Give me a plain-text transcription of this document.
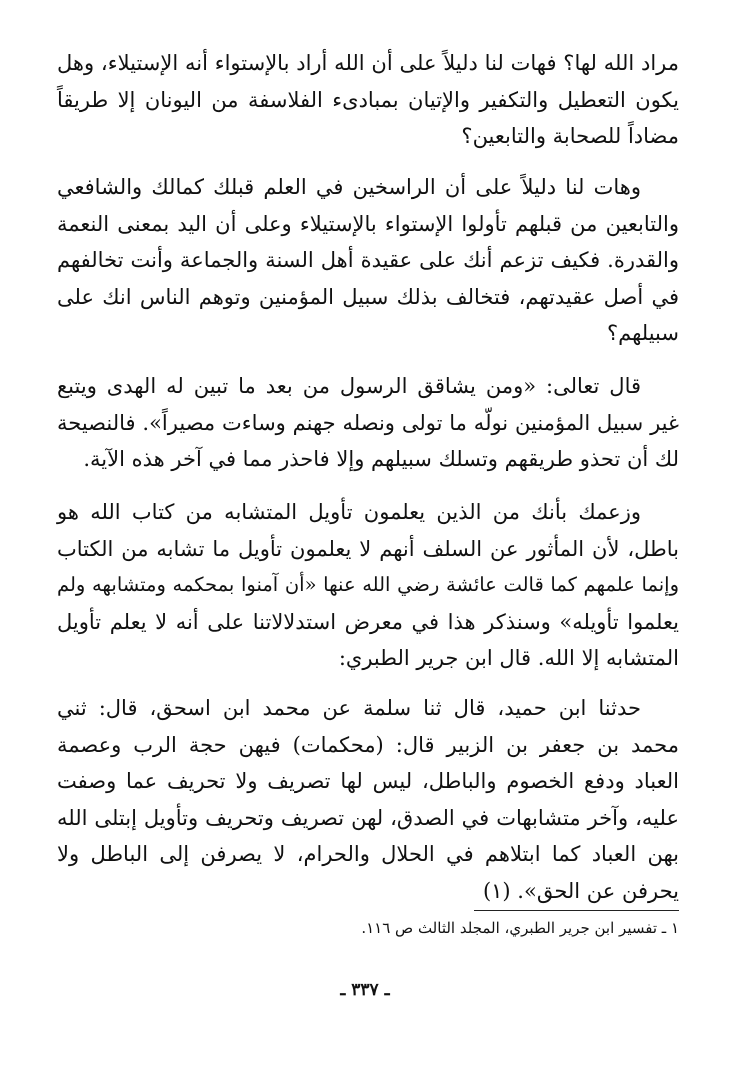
مراد الله لها؟ فهات لنا دليلاً على أن الله أراد بالإستواء أنه الإستيلاء، وهل
يكون التعطيل والتكفير والإتيان بمبادىء الفلاسفة من اليونان إلا طريقاً
مضاداً للصحابة والتابعين؟
وهات لنا دليلاً على أن الراسخين في العلم قبلك كمالك والشافعي
والتابعين من قبلهم تأولوا الإستواء بالإستيلاء وعلى أن اليد بمعنى النعمة
والقدرة. فكيف تزعم أنك على عقيدة أهل السنة والجماعة وأنت تخالفهم
في أصل عقيدتهم، فتخالف بذلك سبيل المؤمنين وتوهم الناس انك على
سبيلهم؟
قال تعالى: «ومن يشاقق الرسول من بعد ما تبين له الهدى ويتبع
غير سبيل المؤمنين نولّه ما تولى ونصله جهنم وساءت مصيراً». فالنصيحة
لك أن تحذو طريقهم وتسلك سبيلهم وإلا فاحذر مما في آخر هذه الآية.
وزعمك بأنك من الذين يعلمون تأويل المتشابه من كتاب الله هو
باطل، لأن المأثور عن السلف أنهم لا يعلمون تأويل ما تشابه من الكتاب
وإنما علمهم كما قالت عائشة رضي الله عنها «أن آمنوا بمحكمه ومتشابهه ولم
يعلموا تأويله» وسنذكر هذا في معرض استدلالاتنا على أنه لا يعلم تأويل
المتشابه إلا الله. قال ابن جرير الطبري:
حدثنا ابن حميد، قال ثنا سلمة عن محمد ابن اسحق، قال: ثني
محمد بن جعفر بن الزبير قال: (محكمات) فيهن حجة الرب وعصمة
العباد ودفع الخصوم والباطل، ليس لها تصريف ولا تحريف عما وصفت
عليه، وآخر متشابهات في الصدق، لهن تصريف وتحريف وتأويل إبتلى الله
بهن العباد كما ابتلاهم في الحلال والحرام، لا يصرفن إلى الباطل ولا
يحرفن عن الحق». (١)
١ ـ تفسير ابن جرير الطبري، المجلد الثالث ص ١١٦.
ـ ٣٣٧ ـ
